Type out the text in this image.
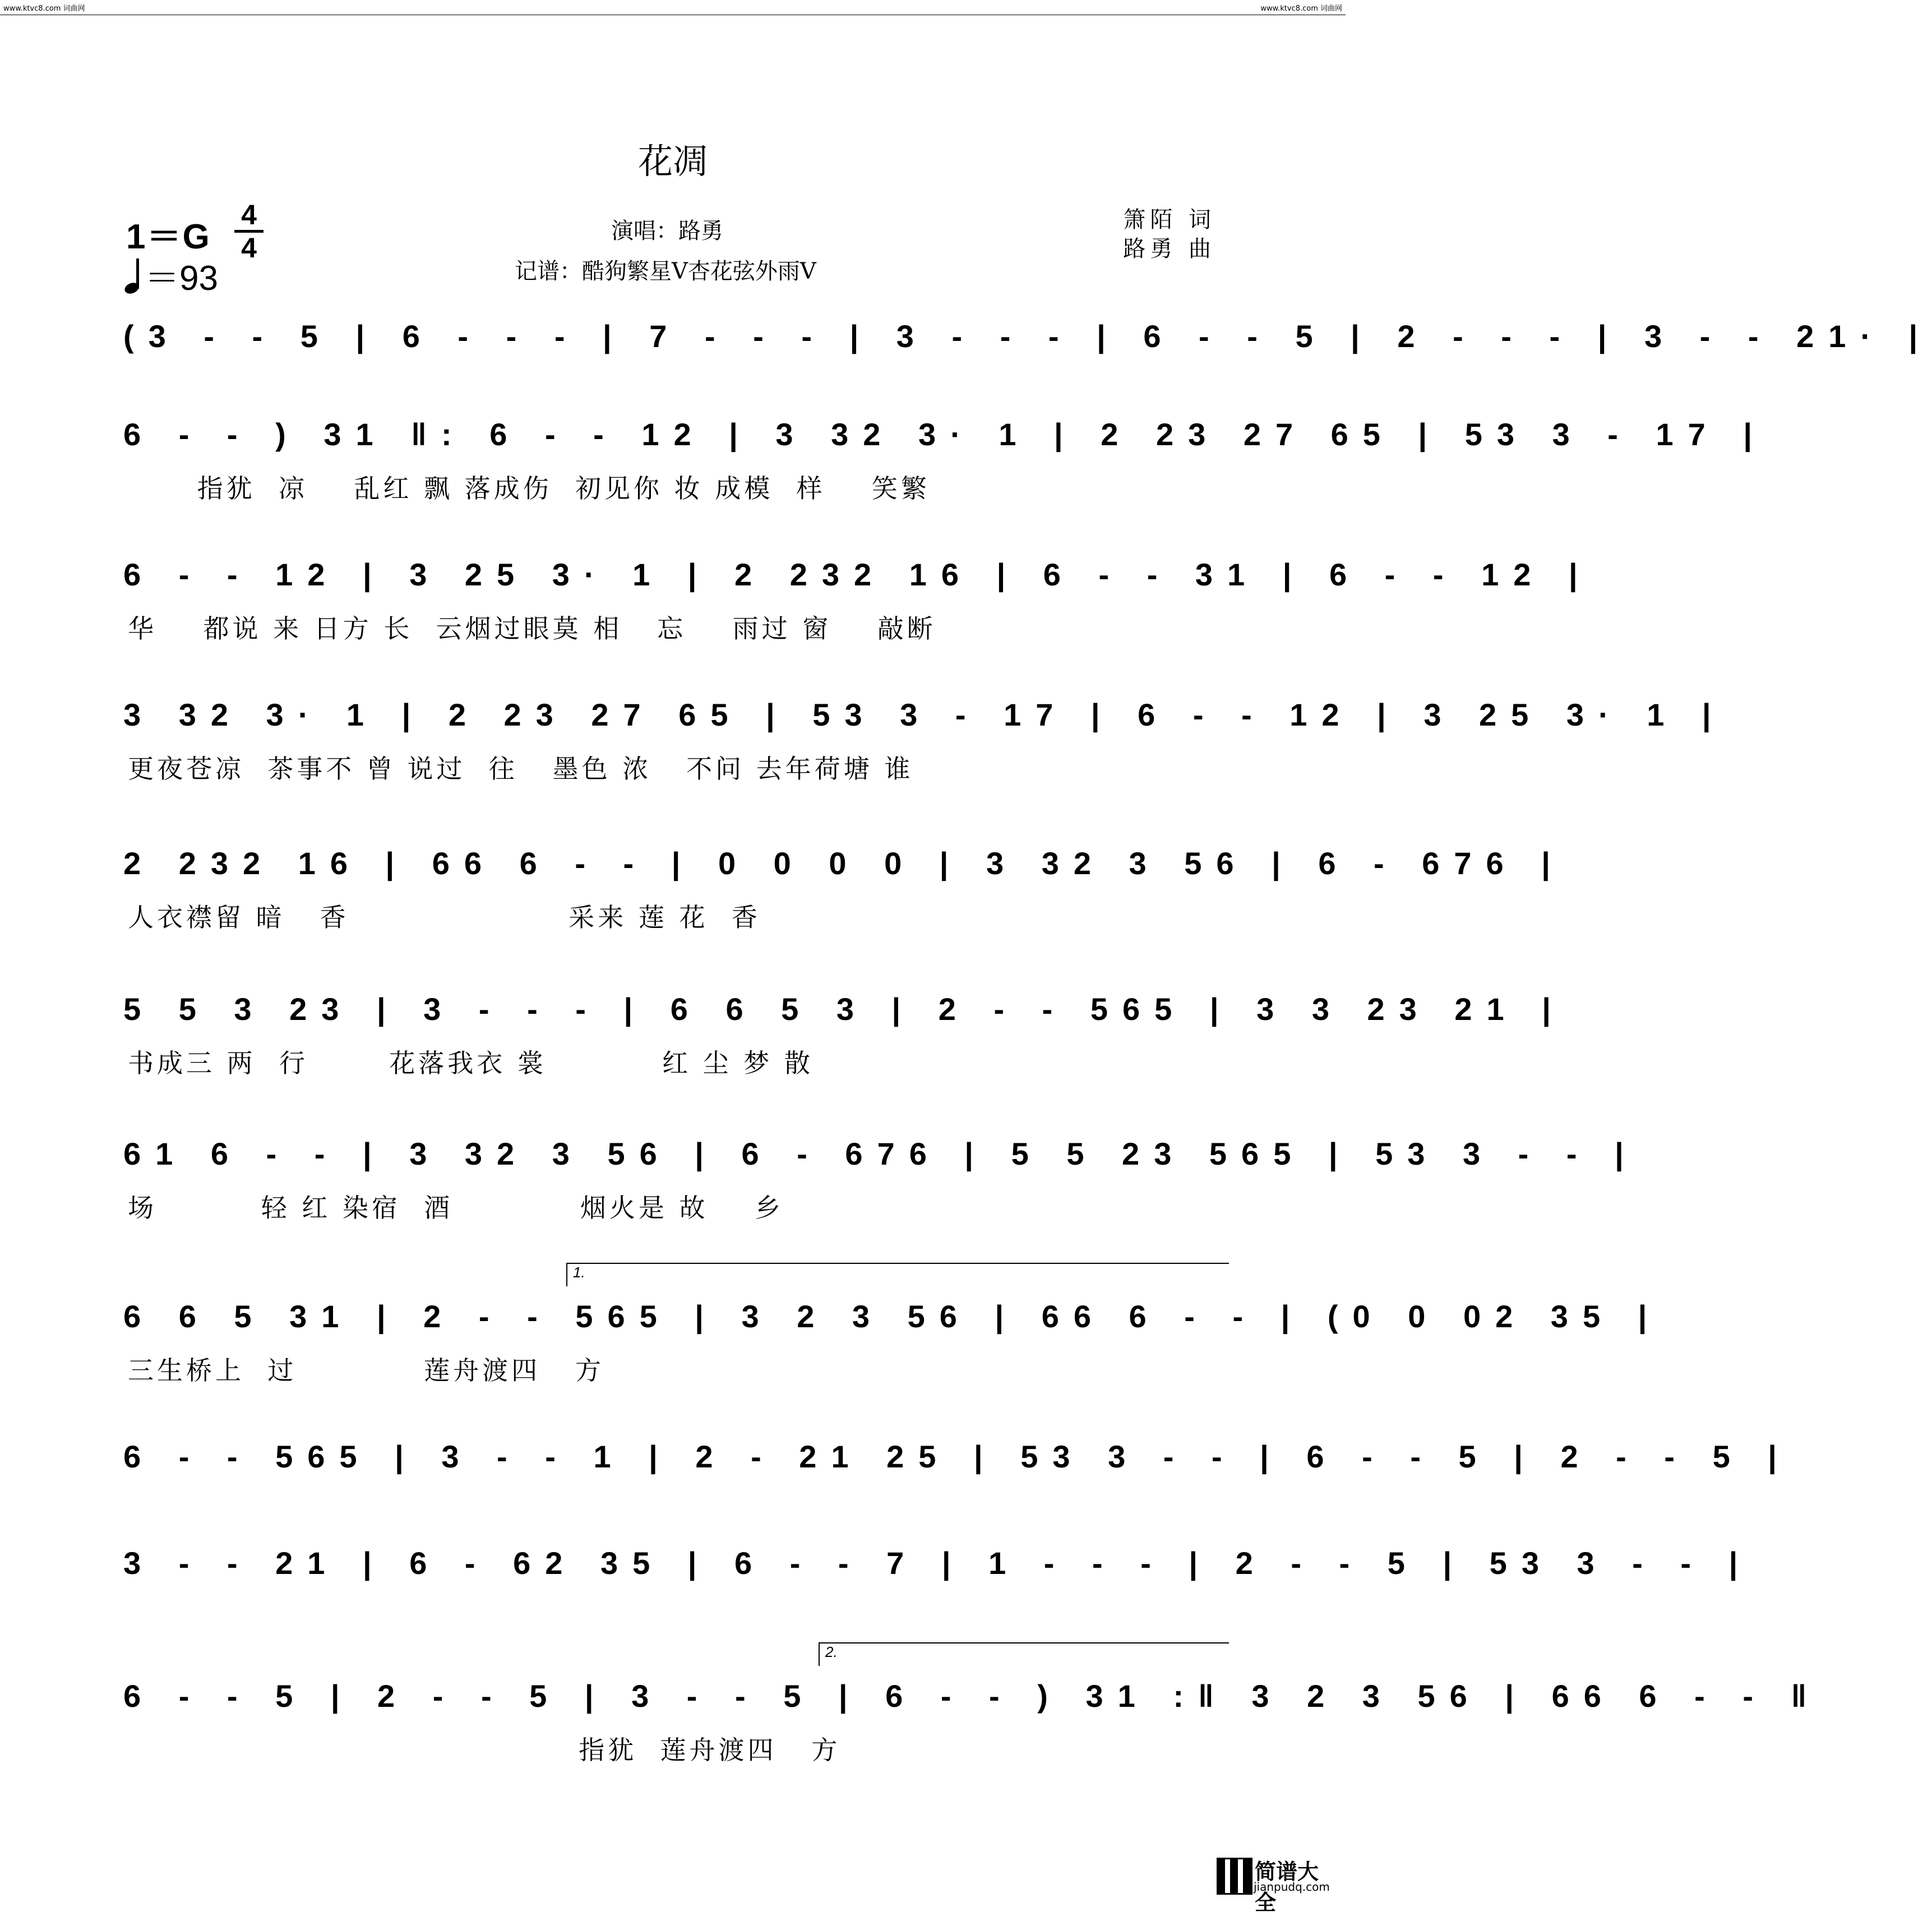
www.ktvc8.com 词曲网	www.ktvc8.com 词曲网
花凋
1＝G
4
4
＝93
演唱：路勇
记谱：酷狗繁星V杏花弦外雨V
箫陌 词
路勇 曲
(3 - - 5 | 6 - - - | 7 - - - | 3 - - - | 6 - - 5 | 2 - - - | 3 - - 21· |
6 - - ) 31 ‖: 6 - - 12 | 3 32 3· 1 | 2 23 27 65 | 53 3 - 17 |
指犹  凉    乱红 飘 落成伤  初见你 妆 成模  样    笑繁
6 - - 12 | 3 25 3· 1 | 2 232 16 | 6 - - 31 | 6 - - 12 |
华    都说 来 日方 长  云烟过眼莫 相   忘    雨过 窗    敲断
3 32 3· 1 | 2 23 27 65 | 53 3 - 17 | 6 - - 12 | 3 25 3· 1 |
更夜苍凉  茶事不 曾 说过  往   墨色 浓   不问 去年荷塘 谁
2 232 16 | 66 6 - - | 0 0 0 0 | 3 32 3 56 | 6 - 676 |
人衣襟留 暗   香                   采来 莲 花  香
5 5 3 23 | 3 - - - | 6 6 5 3 | 2 - - 565 | 3 3 23 21 |
书成三 两  行       花落我衣 裳          红 尘 梦 散
61 6 - - | 3 32 3 56 | 6 - 676 | 5 5 23 565 | 53 3 - - |
场         轻 红 染宿  酒           烟火是 故    乡
1.
6 6 5 31 | 2 - - 565 | 3 2 3 56 | 66 6 - - | (0 0 02 35 |
三生桥上  过           莲舟渡四   方
6 - - 565 | 3 - - 1 | 2 - 21 25 | 53 3 - - | 6 - - 5 | 2 - - 5 |
3 - - 21 | 6 - 62 35 | 6 - - 7 | 1 - - - | 2 - - 5 | 53 3 - - |
2.
6 - - 5 | 2 - - 5 | 3 - - 5 | 6 - - ) 31 :‖ 3 2 3 56 | 66 6 - - ‖
指犹  莲舟渡四   方
简谱大全
jianpudq.com
